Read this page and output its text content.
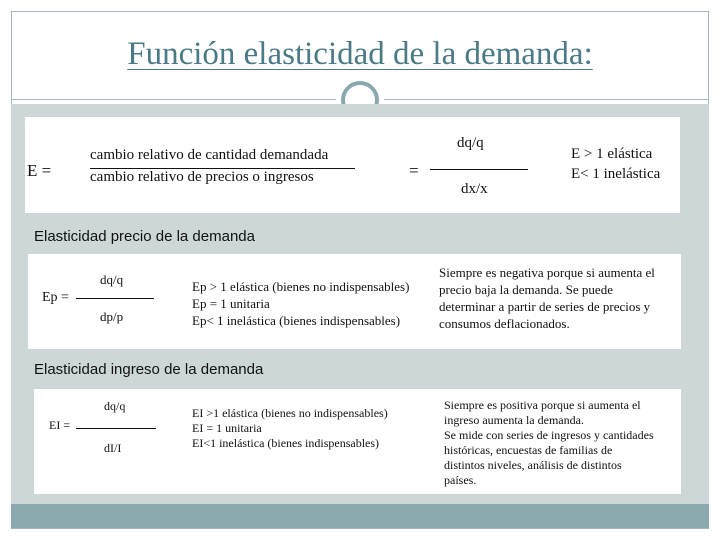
Función elasticidad de la demanda:
E =
cambio relativo de cantidad demandada
cambio relativo de precios o ingresos	=
dq/q
dx/x
E > 1 elástica
E< 1 inelástica
Elasticidad precio de la demanda
Ep =
dq/q
dp/p
Ep > 1 elástica (bienes no indispensables)
Ep = 1 unitaria
Ep< 1 inelástica (bienes indispensables)
Siempre es negativa porque si aumenta el
precio baja la demanda. Se puede
determinar a partir de series de precios y
consumos deflacionados.
Elasticidad ingreso de la demanda
EI =
dq/q
dI/I
EI >1 elástica (bienes no indispensables)
EI = 1 unitaria
EI<1 inelástica (bienes indispensables)
Siempre es positiva porque si aumenta el
ingreso aumenta la demanda.
Se mide con series de ingresos y cantidades
históricas, encuestas de familias de
distintos niveles, análisis de distintos
países.
